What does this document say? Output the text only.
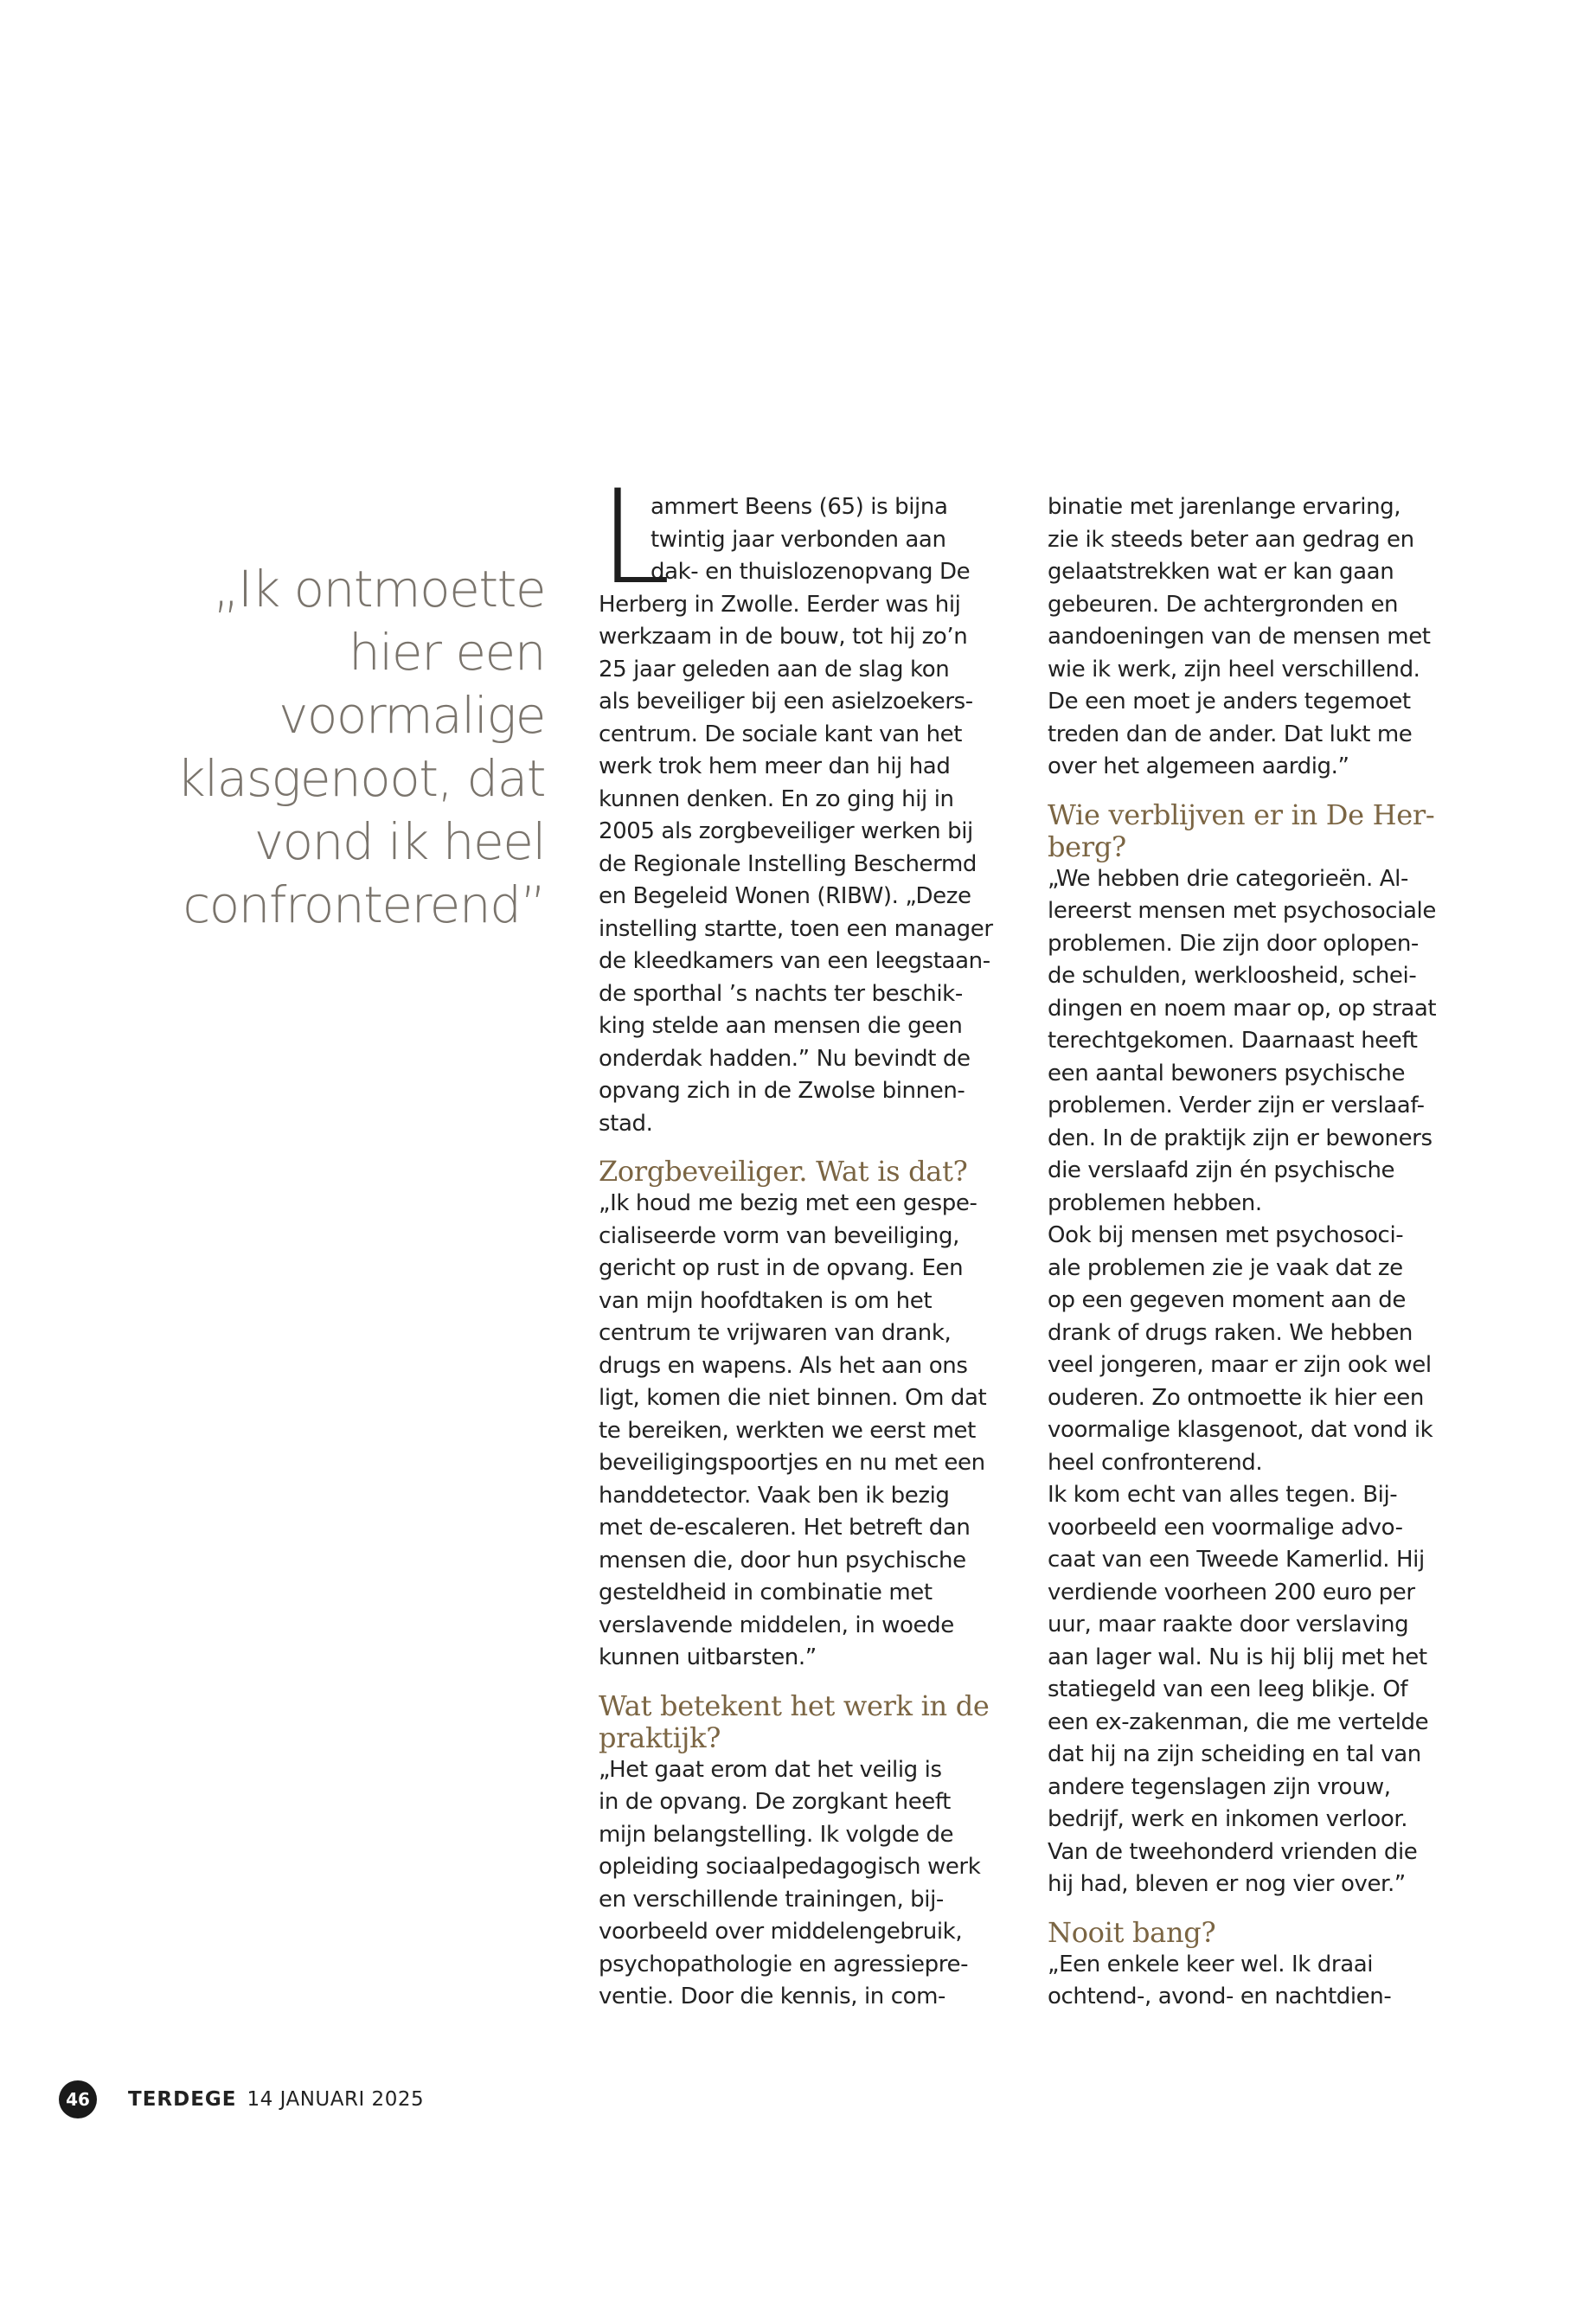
„Ik ontmoette
hier een
voormalige
klasgenoot, dat
vond ik heel
confronterend”
L
ammert Beens (65) is bijna
twintig jaar verbonden aan
dak- en thuislozenopvang De
Herberg in Zwolle. Eerder was hij
werkzaam in de bouw, tot hij zo’n
25 jaar geleden aan de slag kon
als beveiliger bij een asielzoekers-
centrum. De sociale kant van het
werk trok hem meer dan hij had
kunnen denken. En zo ging hij in
2005 als zorgbeveiliger werken bij
de Regionale Instelling Beschermd
en Begeleid Wonen (RIBW). „Deze
instelling startte, toen een manager
de kleedkamers van een leegstaan-
de sporthal ’s nachts ter beschik-
king stelde aan mensen die geen
onderdak hadden.” Nu bevindt de
opvang zich in de Zwolse binnen-
stad.
Zorgbeveiliger. Wat is dat?
„Ik houd me bezig met een gespe-
cialiseerde vorm van beveiliging,
gericht op rust in de opvang. Een
van mijn hoofdtaken is om het
centrum te vrijwaren van drank,
drugs en wapens. Als het aan ons
ligt, komen die niet binnen. Om dat
te bereiken, werkten we eerst met
beveiligingspoortjes en nu met een
handdetector. Vaak ben ik bezig
met de-escaleren. Het betreft dan
mensen die, door hun psychische
gesteldheid in combinatie met
verslavende middelen, in woede
kunnen uitbarsten.”
Wat betekent het werk in de
praktijk?
„Het gaat erom dat het veilig is
in de opvang. De zorgkant heeft
mijn belangstelling. Ik volgde de
opleiding sociaalpedagogisch werk
en verschillende trainingen, bij-
voorbeeld over middelengebruik,
psychopathologie en agressiepre-
ventie. Door die kennis, in com-
binatie met jarenlange ervaring,
zie ik steeds beter aan gedrag en
gelaatstrekken wat er kan gaan
gebeuren. De achtergronden en
aandoeningen van de mensen met
wie ik werk, zijn heel verschillend.
De een moet je anders tegemoet
treden dan de ander. Dat lukt me
over het algemeen aardig.”
Wie verblijven er in De Her-
berg?
„We hebben drie categorieën. Al-
lereerst mensen met psychosociale
problemen. Die zijn door oplopen-
de schulden, werkloosheid, schei-
dingen en noem maar op, op straat
terechtgekomen. Daarnaast heeft
een aantal bewoners psychische
problemen. Verder zijn er verslaaf-
den. In de praktijk zijn er bewoners
die verslaafd zijn én psychische
problemen hebben.
Ook bij mensen met psychosoci-
ale problemen zie je vaak dat ze
op een gegeven moment aan de
drank of drugs raken. We hebben
veel jongeren, maar er zijn ook wel
ouderen. Zo ontmoette ik hier een
voormalige klasgenoot, dat vond ik
heel confronterend.
Ik kom echt van alles tegen. Bij-
voorbeeld een voormalige advo-
caat van een Tweede Kamerlid. Hij
verdiende voorheen 200 euro per
uur, maar raakte door verslaving
aan lager wal. Nu is hij blij met het
statiegeld van een leeg blikje. Of
een ex-zakenman, die me vertelde
dat hij na zijn scheiding en tal van
andere tegenslagen zijn vrouw,
bedrijf, werk en inkomen verloor.
Van de tweehonderd vrienden die
hij had, bleven er nog vier over.”
Nooit bang?
„Een enkele keer wel. Ik draai
ochtend-, avond- en nachtdien-
46	TERDEGE 14 JANUARI 2025
